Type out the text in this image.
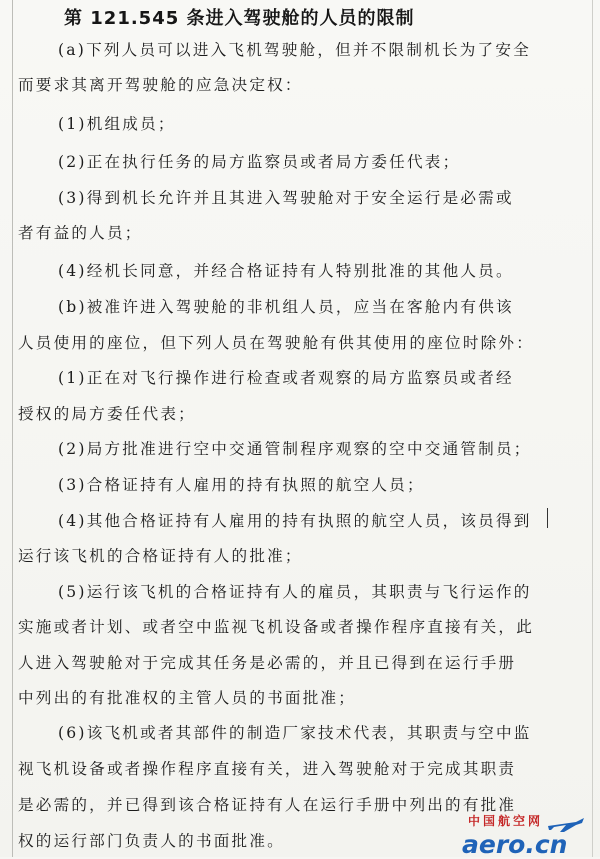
第 121.545 条进入驾驶舱的人员的限制

(a)下列人员可以进入飞机驾驶舱，但并不限制机长为了安全

而要求其离开驾驶舱的应急决定权：

(1)机组成员；

(2)正在执行任务的局方监察员或者局方委任代表；

(3)得到机长允许并且其进入驾驶舱对于安全运行是必需或

者有益的人员；

(4)经机长同意，并经合格证持有人特别批准的其他人员。

(b)被准许进入驾驶舱的非机组人员，应当在客舱内有供该

人员使用的座位，但下列人员在驾驶舱有供其使用的座位时除外：

(1)正在对飞行操作进行检查或者观察的局方监察员或者经

授权的局方委任代表；

(2)局方批准进行空中交通管制程序观察的空中交通管制员；

(3)合格证持有人雇用的持有执照的航空人员；

(4)其他合格证持有人雇用的持有执照的航空人员，该员得到

运行该飞机的合格证持有人的批准；

(5)运行该飞机的合格证持有人的雇员，其职责与飞行运作的

实施或者计划、或者空中监视飞机设备或者操作程序直接有关，此

人进入驾驶舱对于完成其任务是必需的，并且已得到在运行手册

中列出的有批准权的主管人员的书面批准；

(6)该飞机或者其部件的制造厂家技术代表，其职责与空中监

视飞机设备或者操作程序直接有关，进入驾驶舱对于完成其职责

是必需的，并已得到该合格证持有人在运行手册中列出的有批准

权的运行部门负责人的书面批准。

中国航空网
aero.cn
